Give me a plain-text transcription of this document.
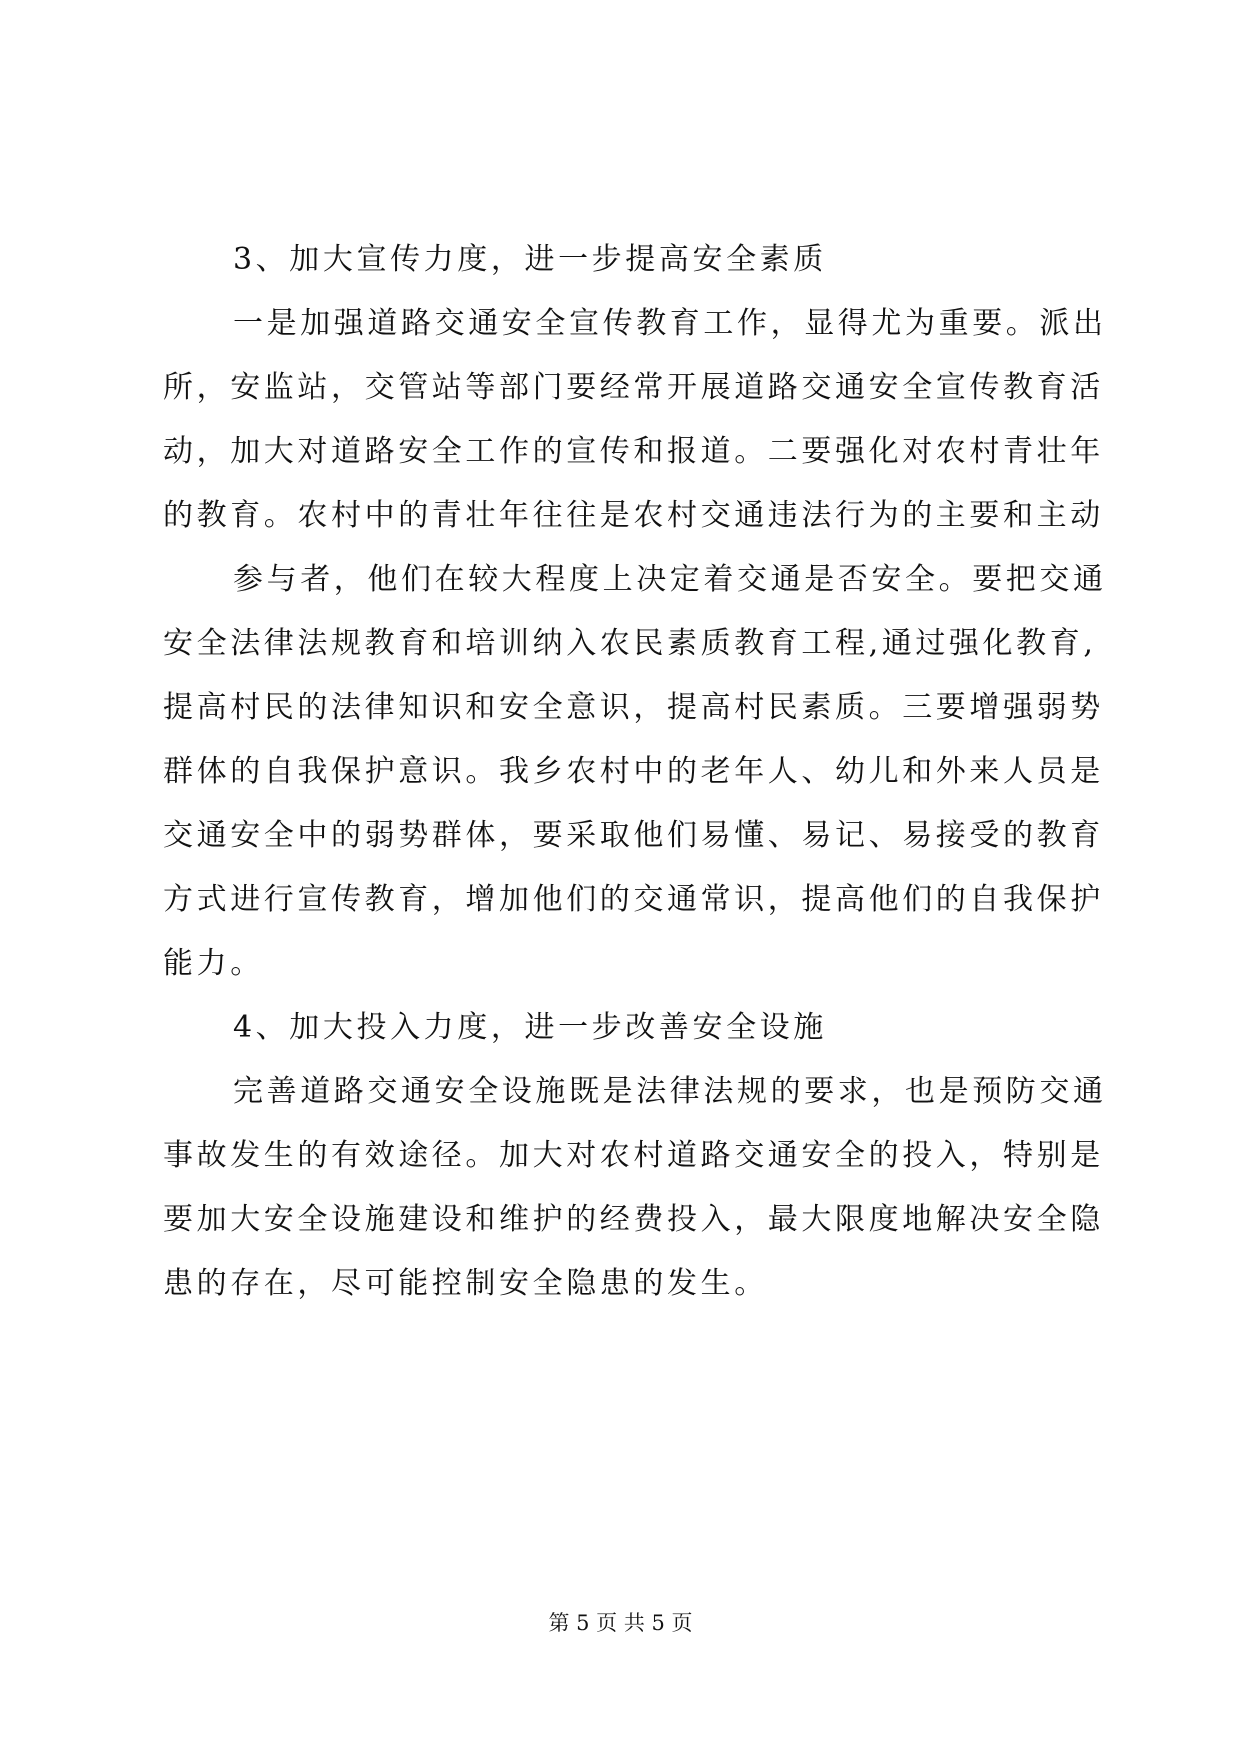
3、加大宣传力度，进一步提高安全素质
一是加强道路交通安全宣传教育工作，显得尤为重要。派出
所，安监站，交管站等部门要经常开展道路交通安全宣传教育活
动，加大对道路安全工作的宣传和报道。二要强化对农村青壮年
的教育。农村中的青壮年往往是农村交通违法行为的主要和主动
参与者，他们在较大程度上决定着交通是否安全。要把交通
安全法律法规教育和培训纳入农民素质教育工程,通过强化教育,
提高村民的法律知识和安全意识，提高村民素质。三要增强弱势
群体的自我保护意识。我乡农村中的老年人、幼儿和外来人员是
交通安全中的弱势群体，要采取他们易懂、易记、易接受的教育
方式进行宣传教育，增加他们的交通常识，提高他们的自我保护
能力。
4、加大投入力度，进一步改善安全设施
完善道路交通安全设施既是法律法规的要求，也是预防交通
事故发生的有效途径。加大对农村道路交通安全的投入，特别是
要加大安全设施建设和维护的经费投入，最大限度地解决安全隐
患的存在，尽可能控制安全隐患的发生。
第 5 页 共 5 页
